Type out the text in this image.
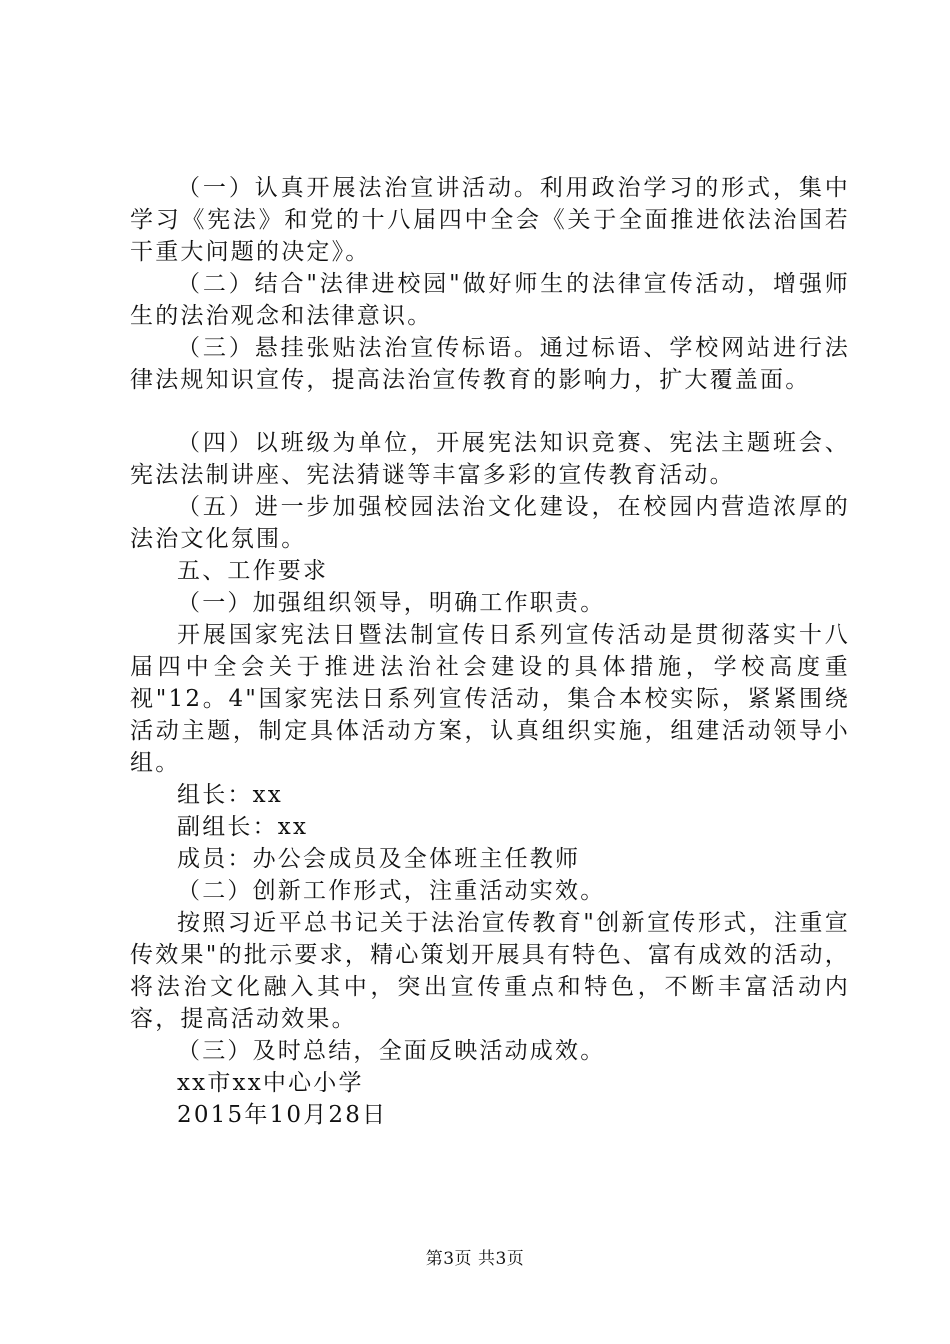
（一）认真开展法治宣讲活动。利用政治学习的形式，集中学习《宪法》和党的十八届四中全会《关于全面推进依法治国若干重大问题的决定》。

（二）结合"法律进校园"做好师生的法律宣传活动，增强师生的法治观念和法律意识。

（三）悬挂张贴法治宣传标语。通过标语、学校网站进行法律法规知识宣传，提高法治宣传教育的影响力，扩大覆盖面。

（四）以班级为单位，开展宪法知识竞赛、宪法主题班会、宪法法制讲座、宪法猜谜等丰富多彩的宣传教育活动。

（五）进一步加强校园法治文化建设，在校园内营造浓厚的法治文化氛围。

五、工作要求

（一）加强组织领导，明确工作职责。

开展国家宪法日暨法制宣传日系列宣传活动是贯彻落实十八届四中全会关于推进法治社会建设的具体措施，学校高度重视"12。4"国家宪法日系列宣传活动，集合本校实际，紧紧围绕活动主题，制定具体活动方案，认真组织实施，组建活动领导小组。

组长：xx

副组长：xx

成员：办公会成员及全体班主任教师

（二）创新工作形式，注重活动实效。

按照习近平总书记关于法治宣传教育"创新宣传形式，注重宣传效果"的批示要求，精心策划开展具有特色、富有成效的活动，将法治文化融入其中，突出宣传重点和特色，不断丰富活动内容，提高活动效果。

（三）及时总结，全面反映活动成效。

xx市xx中心小学

2015年10月28日

第3页 共3页
